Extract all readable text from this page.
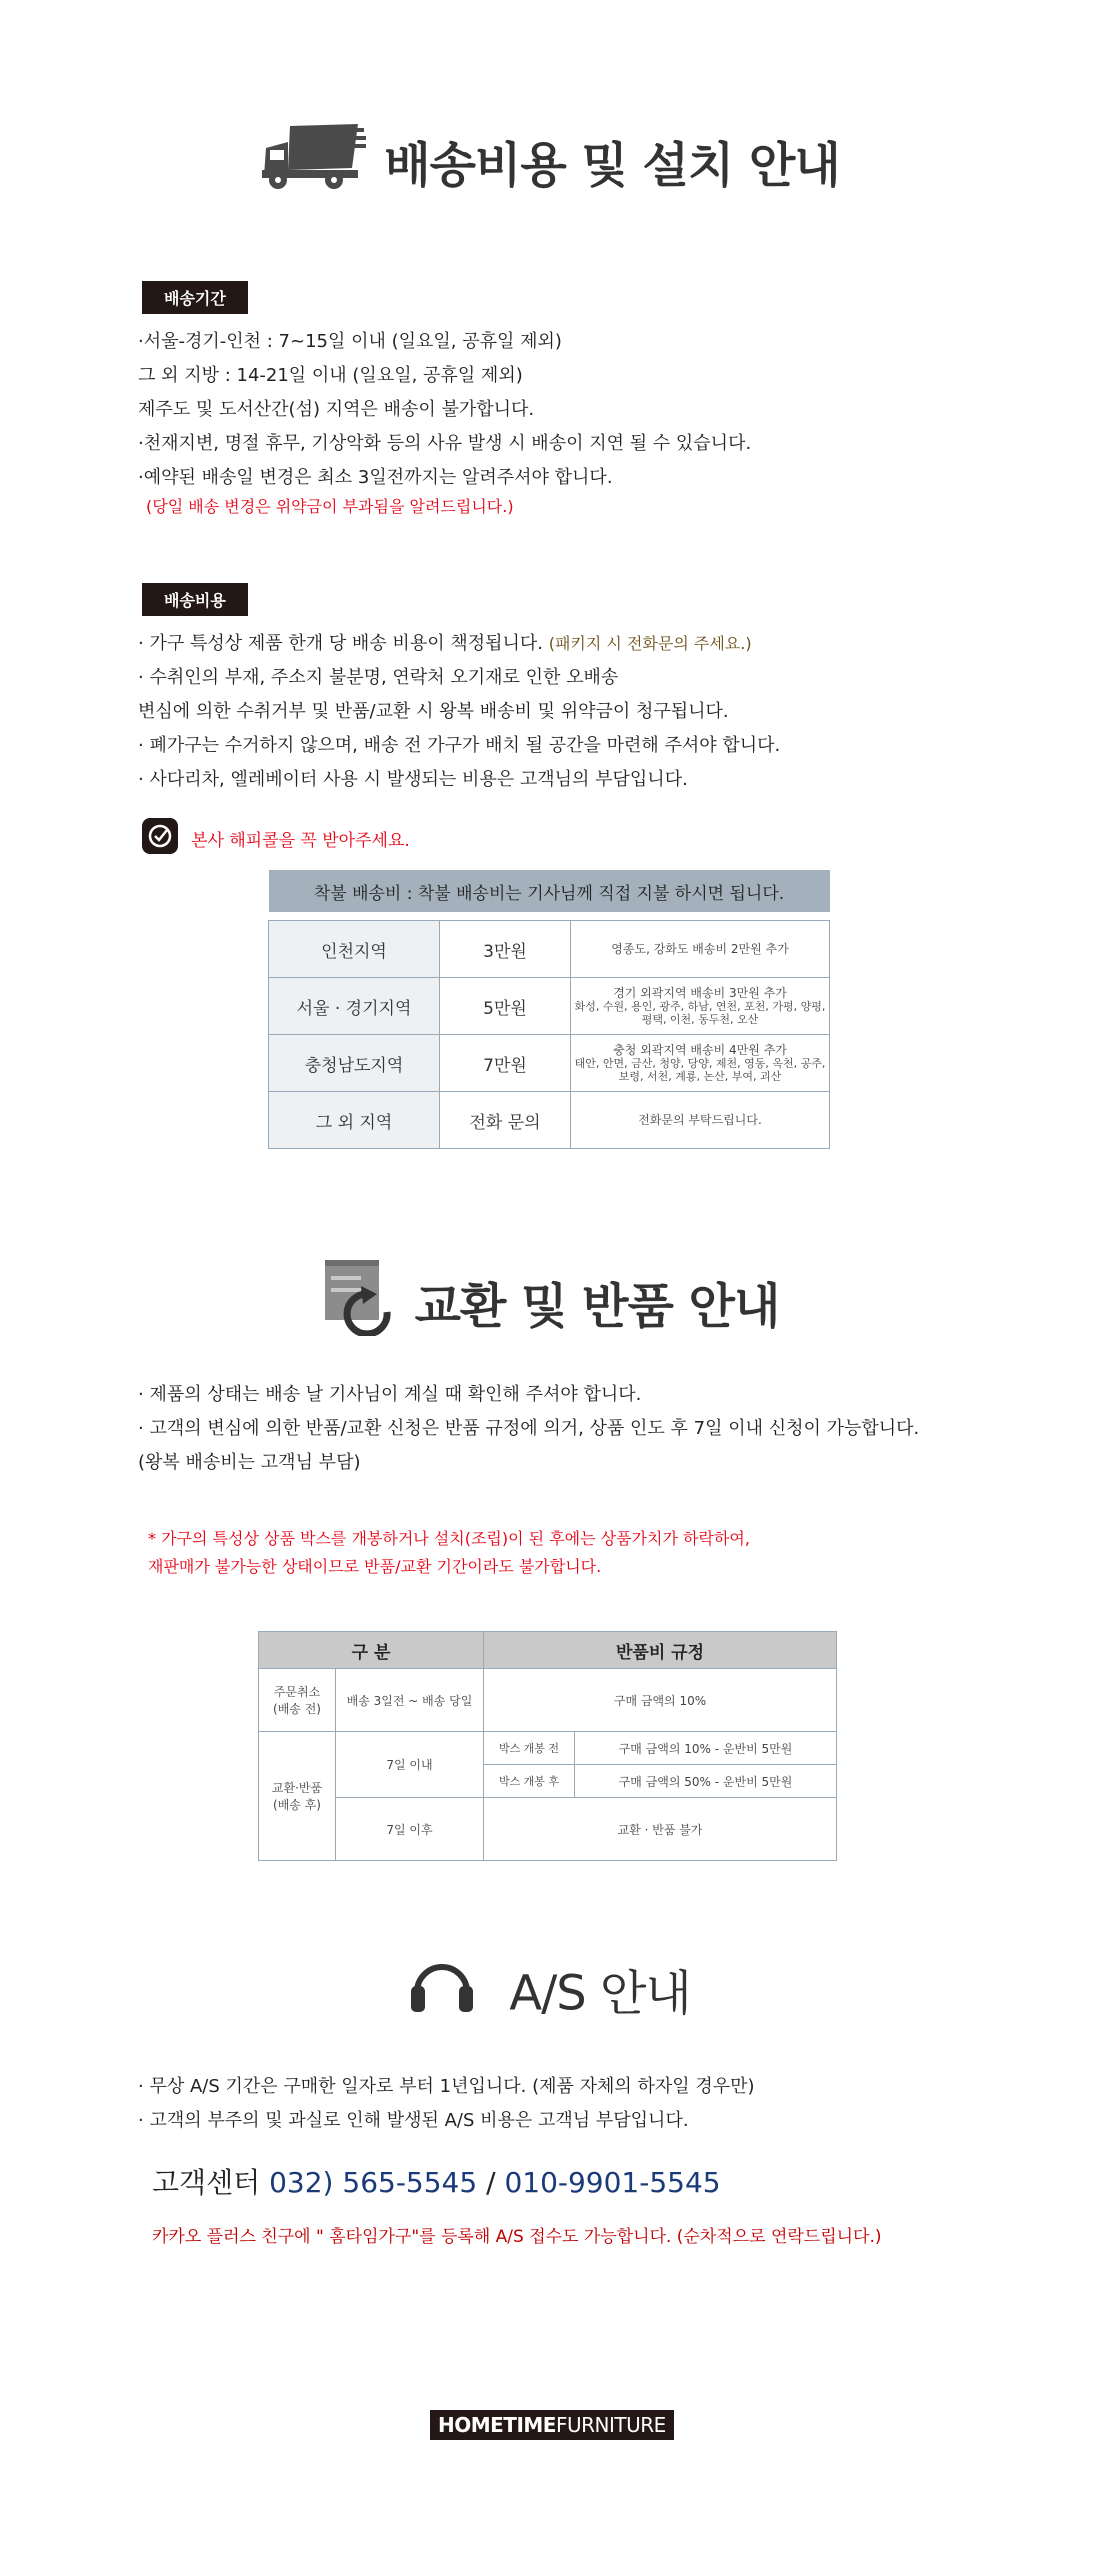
배송비용 및 설치 안내
배송기간
·서울-경기-인천 : 7~15일 이내 (일요일, 공휴일 제외)
그 외 지방 : 14-21일 이내 (일요일, 공휴일 제외)
제주도 및 도서산간(섬) 지역은 배송이 불가합니다.
·천재지변, 명절 휴무, 기상악화 등의 사유 발생 시 배송이 지연 될 수 있습니다.
·예약된 배송일 변경은 최소 3일전까지는 알려주셔야 합니다.
(당일 배송 변경은 위약금이 부과됨을 알려드립니다.)
배송비용
· 가구 특성상 제품 한개 당 배송 비용이 책정됩니다. (패키지 시 전화문의 주세요.)
· 수취인의 부재, 주소지 불분명, 연락처 오기재로 인한 오배송
변심에 의한 수취거부 및 반품/교환 시 왕복 배송비 및 위약금이 청구됩니다.
· 폐가구는 수거하지 않으며, 배송 전 가구가 배치 될 공간을 마련해 주셔야 합니다.
· 사다리차, 엘레베이터 사용 시 발생되는 비용은 고객님의 부담입니다.
본사 해피콜을 꼭 받아주세요.
착불 배송비 : 착불 배송비는 기사님께 직접 지불 하시면 됩니다.		

인천지역	3만원	영종도, 강화도 배송비 2만원 추가

서울 · 경기지역	5만원	경기 외곽지역 배송비 3만원 추가
화성, 수원, 용인, 광주, 하남, 연천, 포천, 가평, 양평, 평택, 이천, 동두천, 오산
충청남도지역	7만원	충청 외곽지역 배송비 4만원 추가
태안, 안면, 금산, 청양, 당양, 제천, 영동, 옥천, 공주, 보령, 서천, 계룡, 논산, 부여, 괴산
그 외 지역	전화 문의	전화문의 부탁드립니다.
교환 및 반품 안내
· 제품의 상태는 배송 날 기사님이 계실 때 확인해 주셔야 합니다.
· 고객의 변심에 의한 반품/교환 신청은 반품 규정에 의거, 상품 인도 후 7일 이내 신청이 가능합니다.
(왕복 배송비는 고객님 부담)
* 가구의 특성상 상품 박스를 개봉하거나 설치(조립)이 된 후에는 상품가치가 하락하여,
재판매가 불가능한 상태이므로 반품/교환 기간이라도 불가합니다.
구 분		반품비 규정	
주문취소
(배송 전)	배송 3일전 ~ 배송 당일	구매 금액의 10%	
교환·반품
(배송 후)	7일 이내	박스 개봉 전	구매 금액의 10% - 운반비 5만원
		박스 개봉 후	구매 금액의 50% - 운반비 5만원
	7일 이후	교환 · 반품 불가	
A/S 안내
· 무상 A/S 기간은 구매한 일자로 부터 1년입니다. (제품 자체의 하자일 경우만)
· 고객의 부주의 및 과실로 인해 발생된 A/S 비용은 고객님 부담입니다.
고객센터 032) 565-5545 / 010-9901-5545
카카오 플러스 친구에 " 홈타임가구"를 등록해 A/S 접수도 가능합니다. (순차적으로 연락드립니다.)
HOMETIMEFURNITURE
